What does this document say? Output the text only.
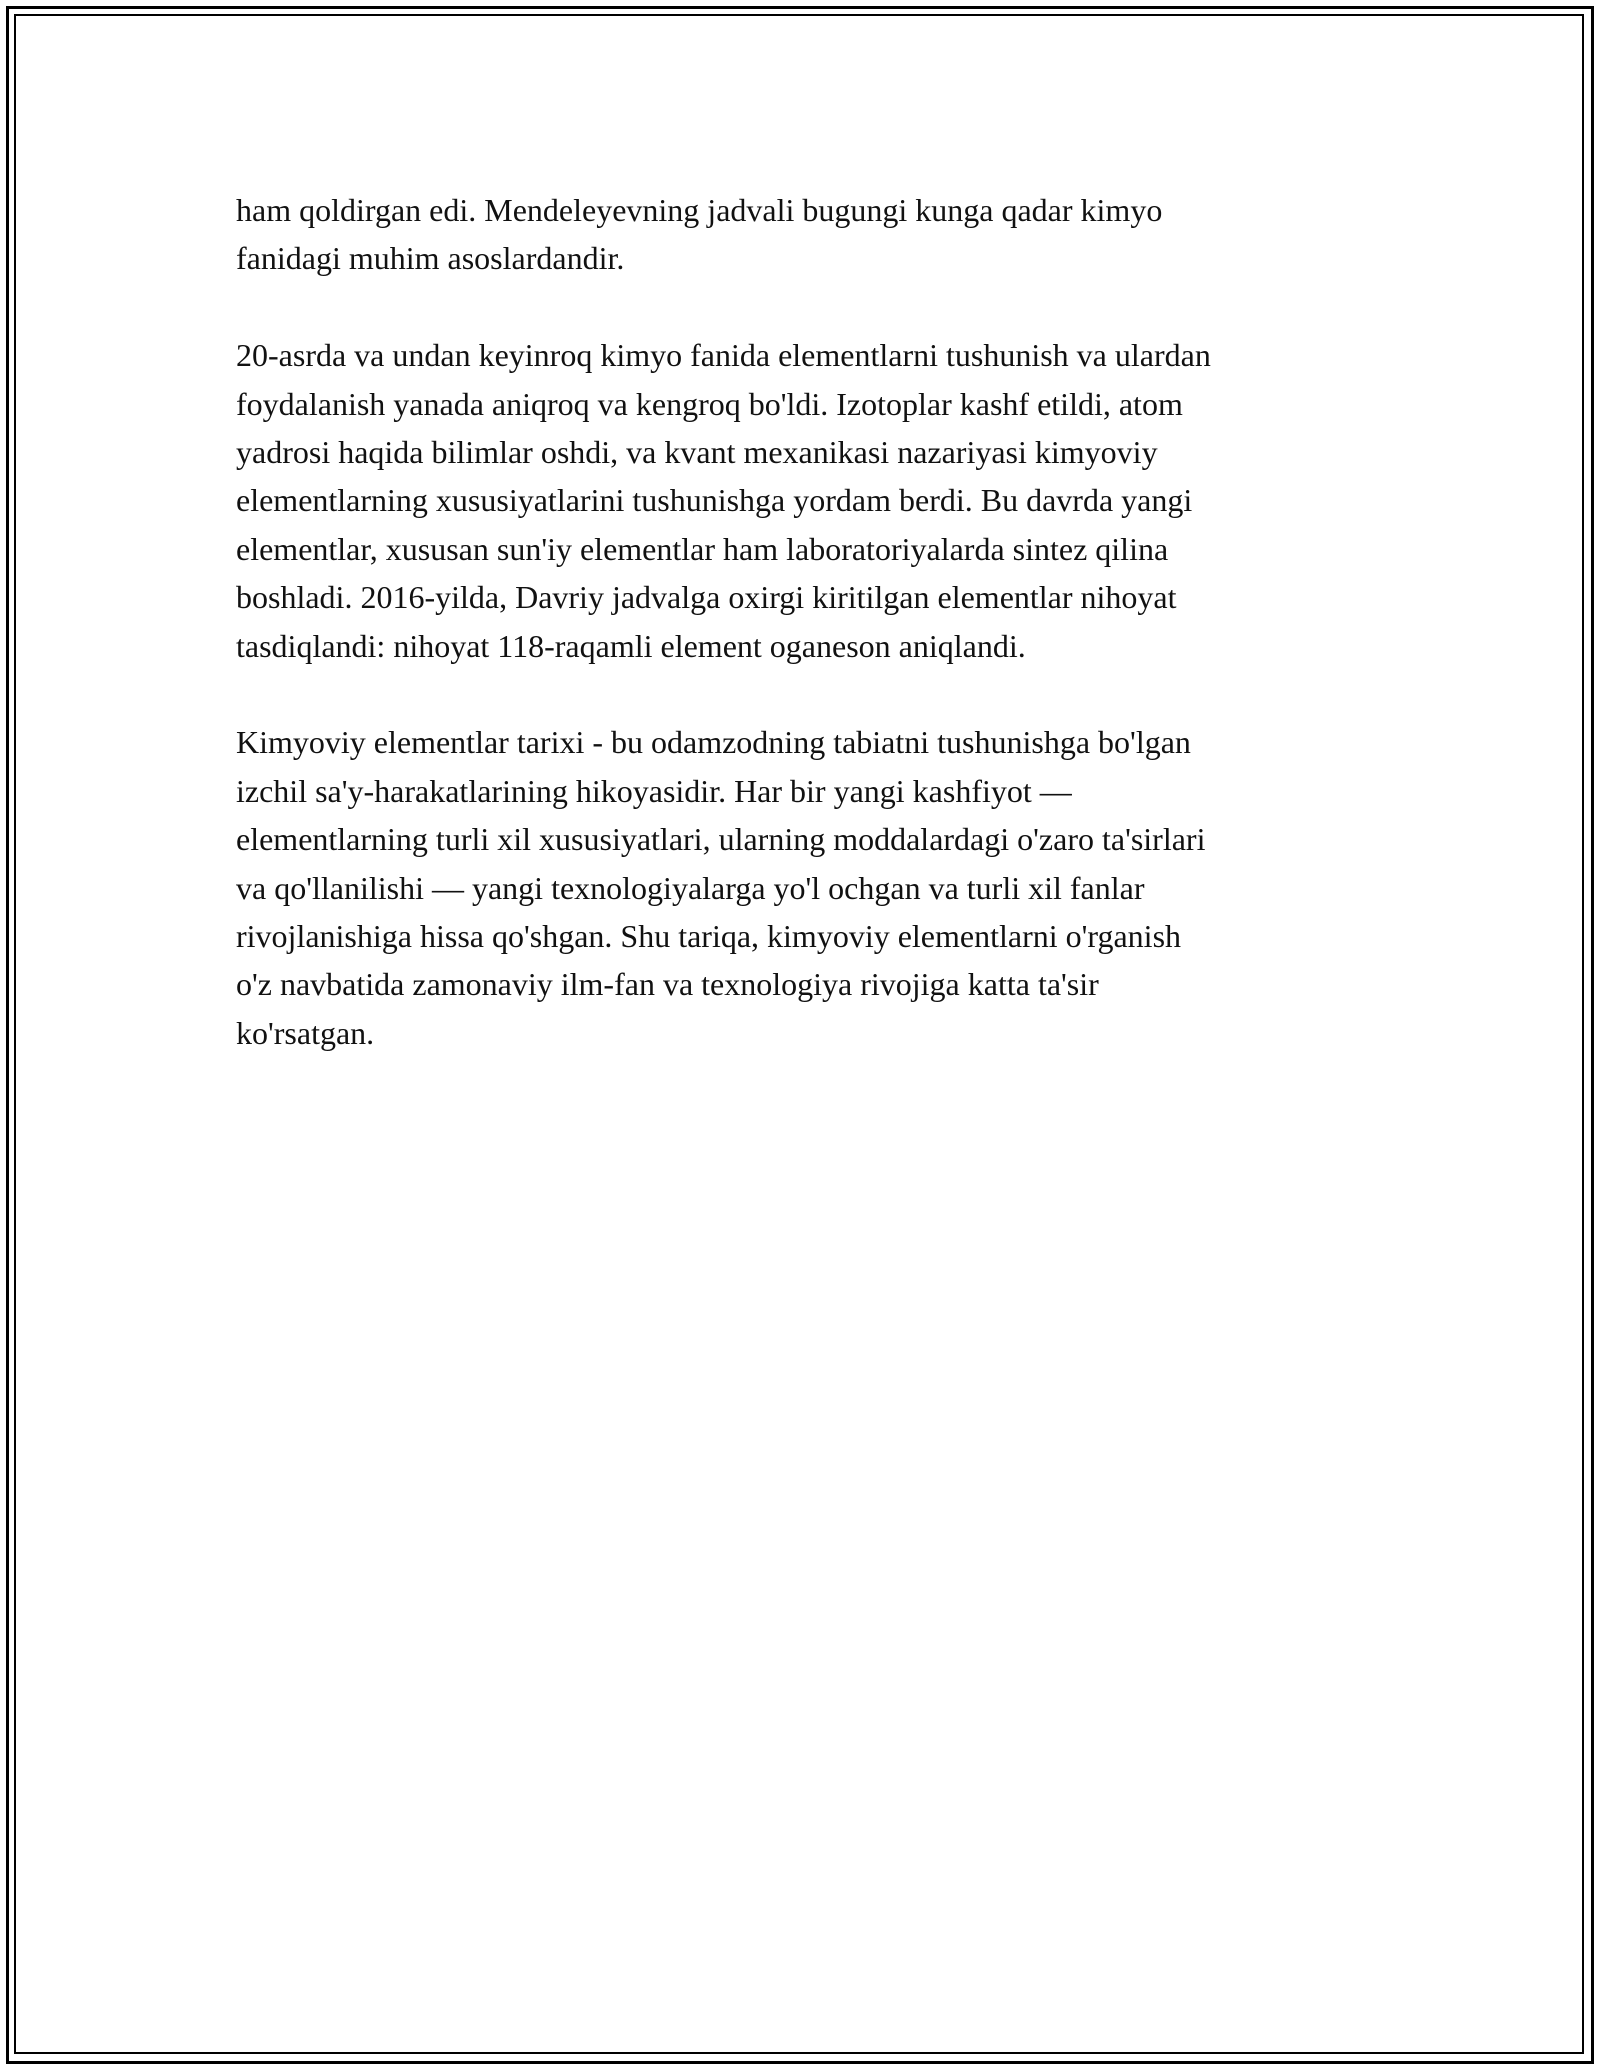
ham qoldirgan edi. Mendeleyevning jadvali bugungi kunga qadar kimyo
fanidagi muhim asoslardandir.

20-asrda va undan keyinroq kimyo fanida elementlarni tushunish va ulardan
foydalanish yanada aniqroq va kengroq bo'ldi. Izotoplar kashf etildi, atom
yadrosi haqida bilimlar oshdi, va kvant mexanikasi nazariyasi kimyoviy
elementlarning xususiyatlarini tushunishga yordam berdi. Bu davrda yangi
elementlar, xususan sun'iy elementlar ham laboratoriyalarda sintez qilina
boshladi. 2016-yilda, Davriy jadvalga oxirgi kiritilgan elementlar nihoyat
tasdiqlandi: nihoyat 118-raqamli element oganeson aniqlandi.

Kimyoviy elementlar tarixi - bu odamzodning tabiatni tushunishga bo'lgan
izchil sa'y-harakatlarining hikoyasidir. Har bir yangi kashfiyot —
elementlarning turli xil xususiyatlari, ularning moddalardagi o'zaro ta'sirlari
va qo'llanilishi — yangi texnologiyalarga yo'l ochgan va turli xil fanlar
rivojlanishiga hissa qo'shgan. Shu tariqa, kimyoviy elementlarni o'rganish
o'z navbatida zamonaviy ilm-fan va texnologiya rivojiga katta ta'sir
ko'rsatgan.
